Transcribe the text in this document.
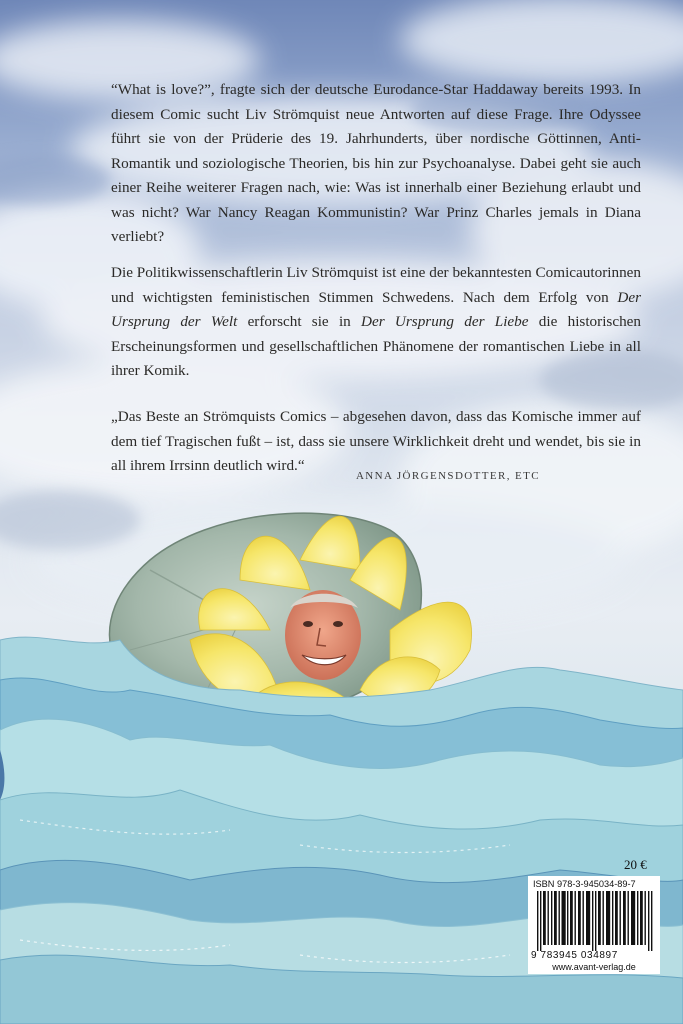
“What is love?”, fragte sich der deutsche Eurodance-Star Haddaway bereits 1993. In diesem Comic sucht Liv Strömquist neue Antworten auf diese Frage. Ihre Odyssee führt sie von der Prüderie des 19. Jahrhunderts, über nordische Göttinnen, Anti-Romantik und soziologische Theorien, bis hin zur Psychoanalyse. Dabei geht sie auch einer Reihe weiterer Fragen nach, wie: Was ist innerhalb einer Beziehung erlaubt und was nicht? War Nancy Reagan Kommunistin? War Prinz Charles jemals in Diana verliebt?
Die Politikwissenschaftlerin Liv Strömquist ist eine der bekanntesten Comicautorinnen und wichtigsten feministischen Stimmen Schwedens. Nach dem Erfolg von Der Ursprung der Welt erforscht sie in Der Ursprung der Liebe die historischen Erscheinungsformen und gesellschaftlichen Phänomene der romantischen Liebe in all ihrer Komik.
„Das Beste an Strömquists Comics – abgesehen davon, dass das Komische immer auf dem tief Tragischen fußt – ist, dass sie unsere Wirklichkeit dreht und wendet, bis sie in all ihrem Irrsinn deutlich wird.“
ANNA JÖRGENSDOTTER, ETC
20 €
ISBN 978-3-945034-89-7
9 783945 034897
www.avant-verlag.de
